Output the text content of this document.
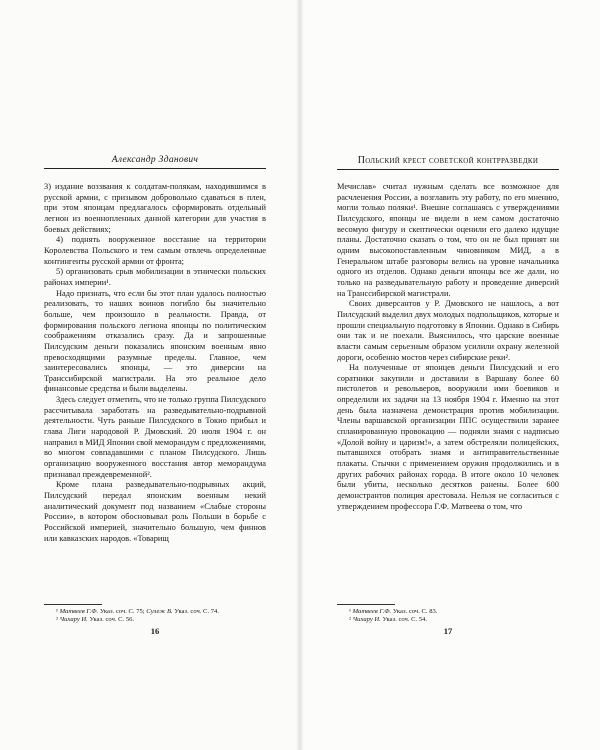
Александр Зданович

3) издание воззвания к солдатам-полякам, находившимся в русской армии, с призывом добровольно сдаваться в плен, при этом японцам предлагалось сформировать отдельный легион из военнопленных данной категории для участия в боевых действиях;

4) поднять вооруженное восстание на территории Королевства Польского и тем самым отвлечь определенные контингенты русской армии от фронта;

5) организовать срыв мобилизации в этнически польских районах империи¹.

Надо признать, что если бы этот план удалось полностью реализовать, то наших воинов погибло бы значительно больше, чем произошло в реальности. Правда, от формирования польского легиона японцы по политическим соображениям отказались сразу. Да и запрошенные Пилсудским деньги показались японским военным явно превосходящими разумные пределы. Главное, чем заинтересовались японцы, — это диверсии на Транссибирской магистрали. На это реальное дело финансовые средства и были выделены.

Здесь следует отметить, что не только группа Пилсудского рассчитывала заработать на разведывательно-подрывной деятельности. Чуть раньше Пилсудского в Токио прибыл и глава Лиги народовой Р. Дмовский. 20 июля 1904 г. он направил в МИД Японии свой меморандум с предложениями, во многом совпадавшими с планом Пилсудского. Лишь организацию вооруженного восстания автор меморандума признавал преждевременной².

Кроме плана разведывательно-подрывных акций, Пилсудский передал японским военным некий аналитический документ под названием «Слабые стороны России», в котором обосновывал роль Польши в борьбе с Российской империей, значительно большую, чем финнов или кавказских народов. «Товарищ

¹ Матвеев Г.Ф. Указ. соч. С. 75; Сулеж В. Указ. соч. С. 74.

² Чихару И. Указ. соч. С. 56.

16
Польский крест советской контрразведки

Мечислав» считал нужным сделать все возможное для расчленения России, а возглавить эту работу, по его мнению, могли только поляки¹. Внешне соглашаясь с утверждениями Пилсудского, японцы не видели в нем самом достаточно весомую фигуру и скептически оценили его далеко идущие планы. Достаточно сказать о том, что он не был принят ни одним высокопоставленным чиновником МИД, а в Генеральном штабе разговоры велись на уровне начальника одного из отделов. Однако деньги японцы все же дали, но только на разведывательную работу и проведение диверсий на Транссибирской магистрали.

Своих диверсантов у Р. Дмовского не нашлось, а вот Пилсудский выделил двух молодых подпольщиков, которые и прошли специальную подготовку в Японии. Однако в Сибирь они так и не поехали. Выяснилось, что царские военные власти самым серьезным образом усилили охрану железной дороги, особенно мостов через сибирские реки².

На полученные от японцев деньги Пилсудский и его соратники закупили и доставили в Варшаву более 60 пистолетов и револьверов, вооружили ими боевиков и определили их задачи на 13 ноября 1904 г. Именно на этот день была назначена демонстрация против мобилизации. Члены варшавской организации ППС осуществили заранее спланированную провокацию — подняли знамя с надписью «Долой войну и царизм!», а затем обстреляли полицейских, пытавшихся отобрать знамя и антиправительственные плакаты. Стычки с применением оружия продолжились и в других рабочих районах города. В итоге около 10 человек были убиты, несколько десятков ранены. Более 600 демонстрантов полиция арестовала. Нельзя не согласиться с утверждением профессора Г.Ф. Матвеева о том, что

¹ Матвеев Г.Ф. Указ. соч. С. 83.

² Чихару И. Указ. соч. С. 54.

17
